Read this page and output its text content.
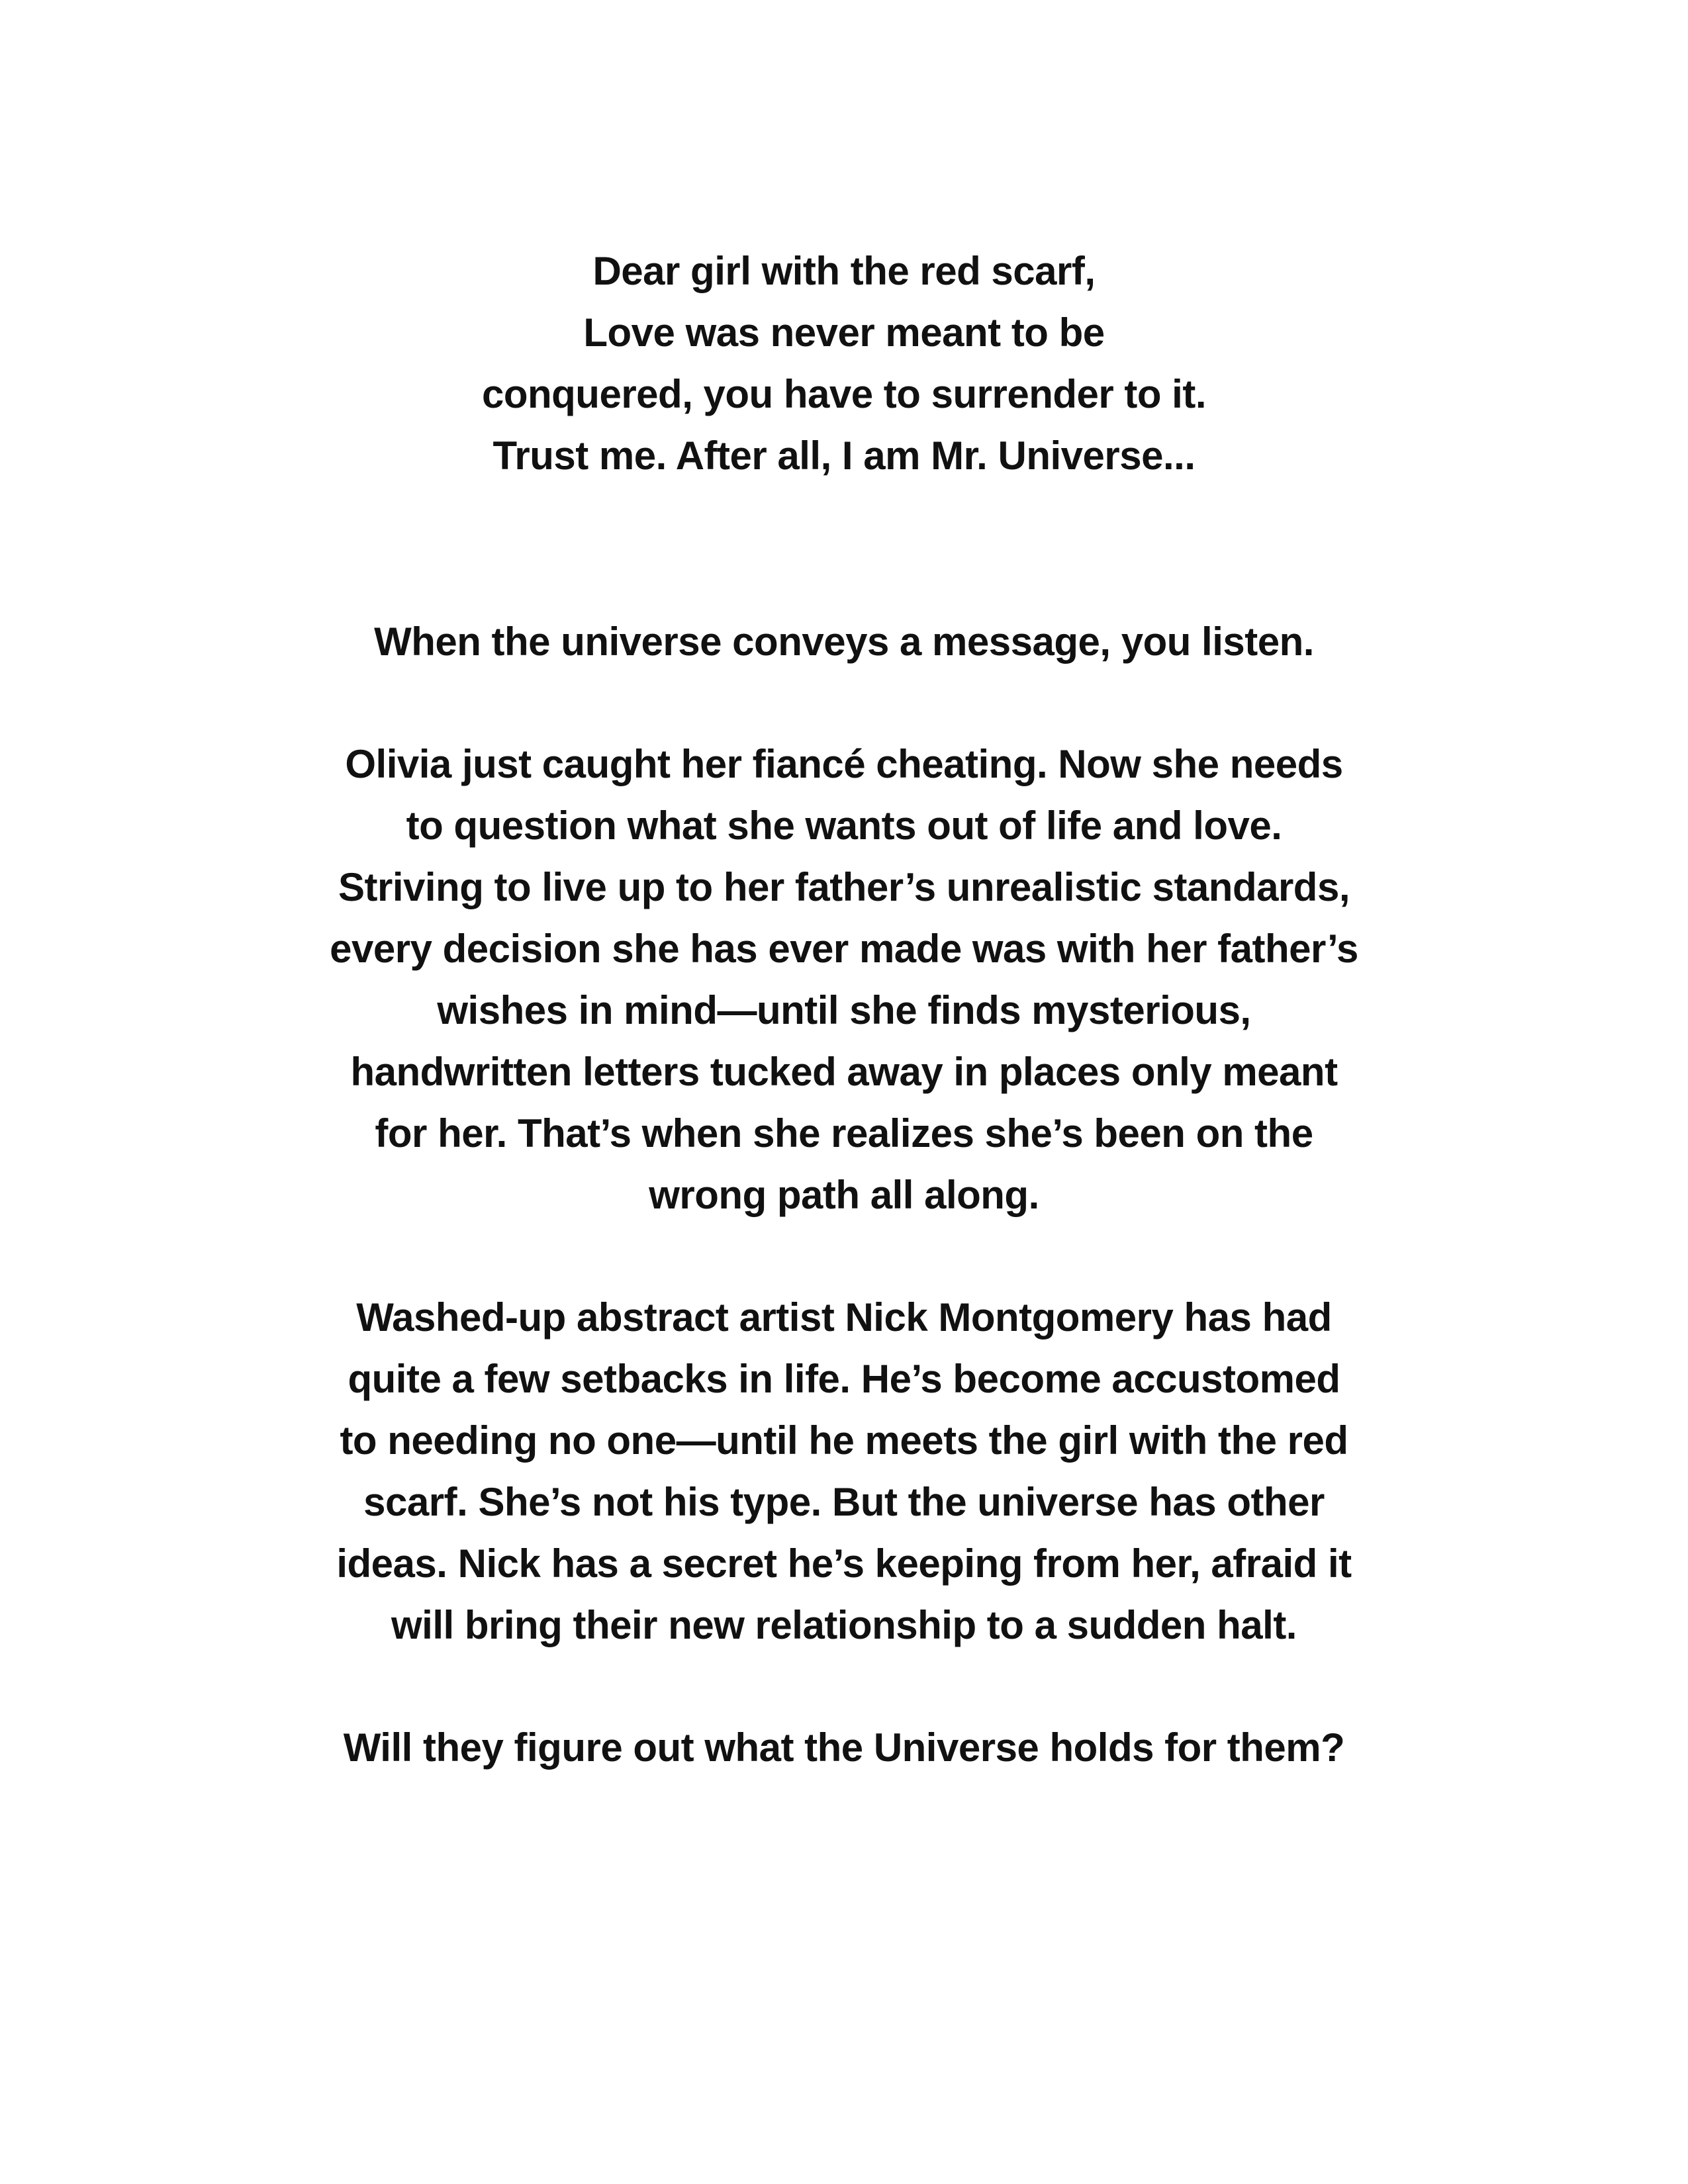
Dear girl with the red scarf,
Love was never meant to be
conquered, you have to surrender to it.
Trust me. After all, I am Mr. Universe...
When the universe conveys a message, you listen.
Olivia just caught her fiancé cheating. Now she needs
to question what she wants out of life and love.
Striving to live up to her father’s unrealistic standards,
every decision she has ever made was with her father’s
wishes in mind—until she finds mysterious,
handwritten letters tucked away in places only meant
for her. That’s when she realizes she’s been on the
wrong path all along.
Washed-up abstract artist Nick Montgomery has had
quite a few setbacks in life. He’s become accustomed
to needing no one—until he meets the girl with the red
scarf. She’s not his type. But the universe has other
ideas. Nick has a secret he’s keeping from her, afraid it
will bring their new relationship to a sudden halt.
Will they figure out what the Universe holds for them?
